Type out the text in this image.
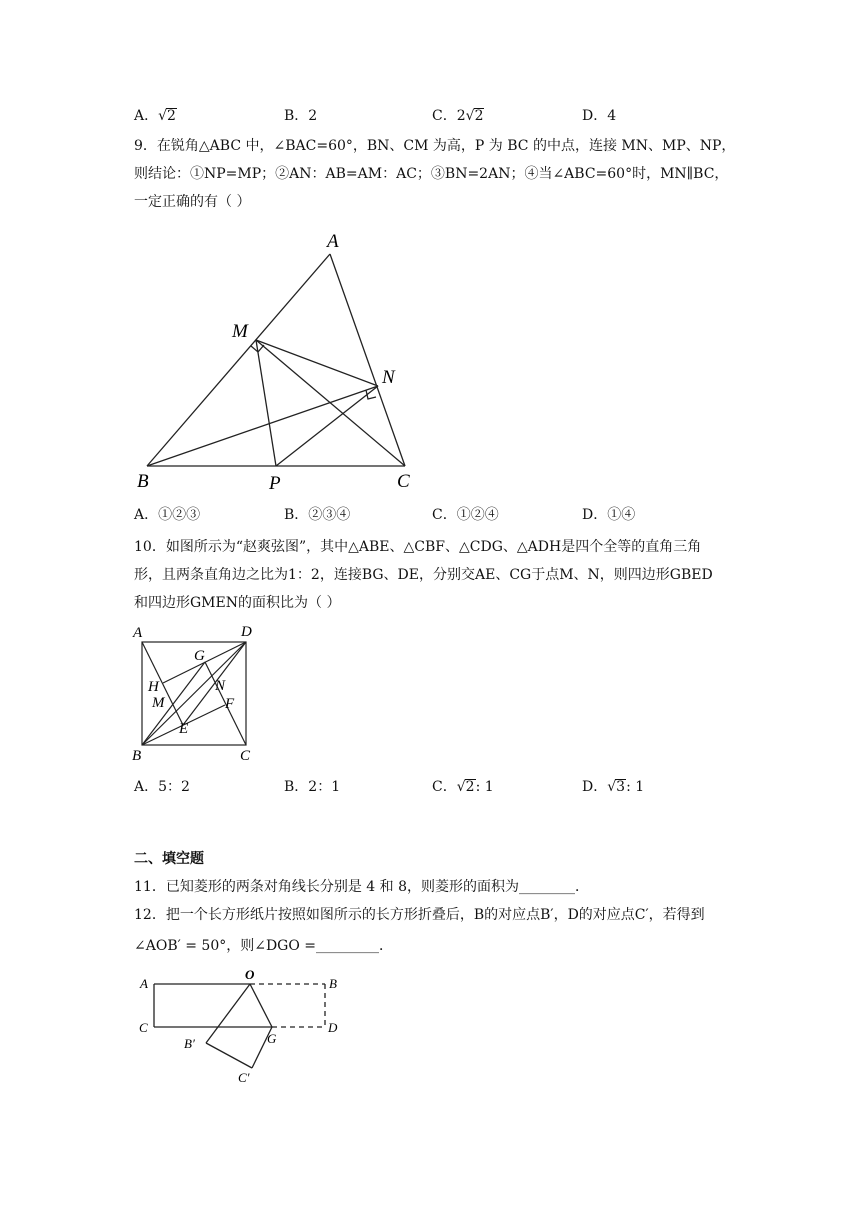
A．√2	B．2	C．2√2	D．4
9．在锐角△ABC 中，∠BAC=60°，BN、CM 为高，P 为 BC 的中点，连接 MN、MP、NP，
则结论：①NP=MP；②AN：AB=AM：AC；③BN=2AN；④当∠ABC=60°时，MN∥BC，
一定正确的有（ ）
A
M
N
B	P	C
A．①②③	B．②③④	C．①②④	D．①④
10．如图所示为“赵爽弦图”，其中△ABE、△CBF、△CDG、△ADH是四个全等的直角三角
形，且两条直角边之比为1：2，连接BG、DE，分别交AE、CG于点M、N，则四边形GBED
和四边形GMEN的面积比为（ ）
A	D
G
H	N
M	F
E
B	C
A．5：2	B．2：1	C．√2: 1	D．√3: 1
二、填空题
11．已知菱形的两条对角线长分别是 4 和 8，则菱形的面积为________．
12．把一个长方形纸片按照如图所示的长方形折叠后，B的对应点B′，D的对应点C′，若得到
∠AOB′ = 50°，则∠DGO =_________．
A
O
B
C	D
B′	G
C′
